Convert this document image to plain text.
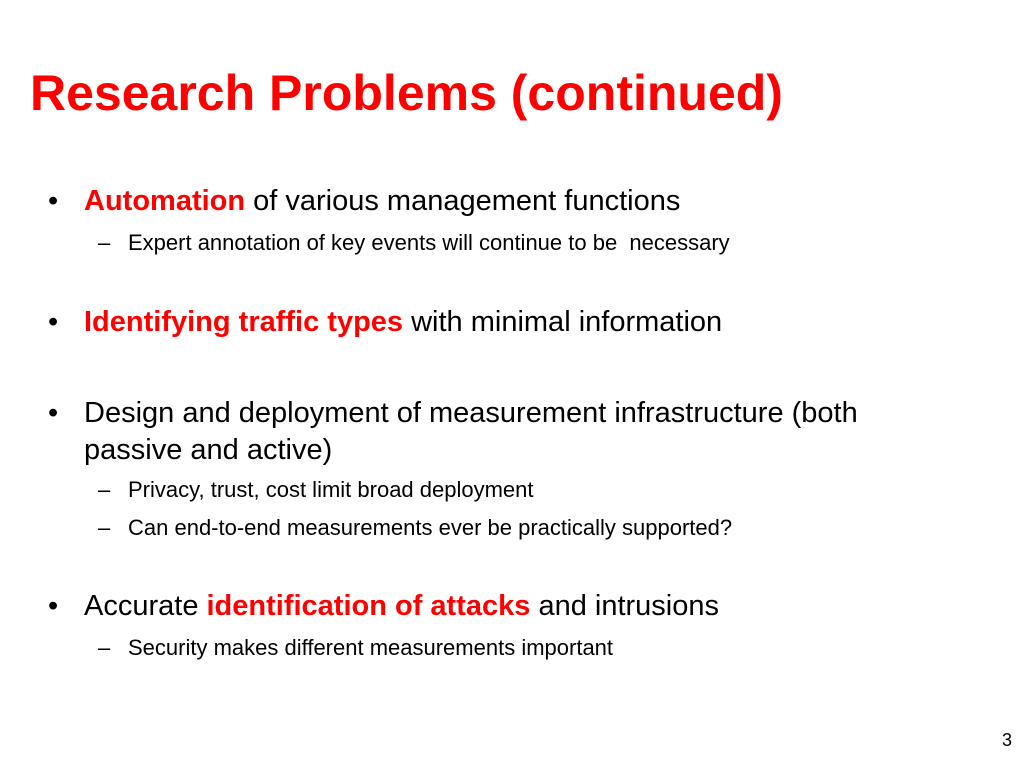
Research Problems (continued)
• Automation of various management functions
– Expert annotation of key events will continue to be  necessary
• Identifying traffic types with minimal information
• Design and deployment of measurement infrastructure (both passive and active)
– Privacy, trust, cost limit broad deployment
– Can end-to-end measurements ever be practically supported?
• Accurate identification of attacks and intrusions
– Security makes different measurements important
3
